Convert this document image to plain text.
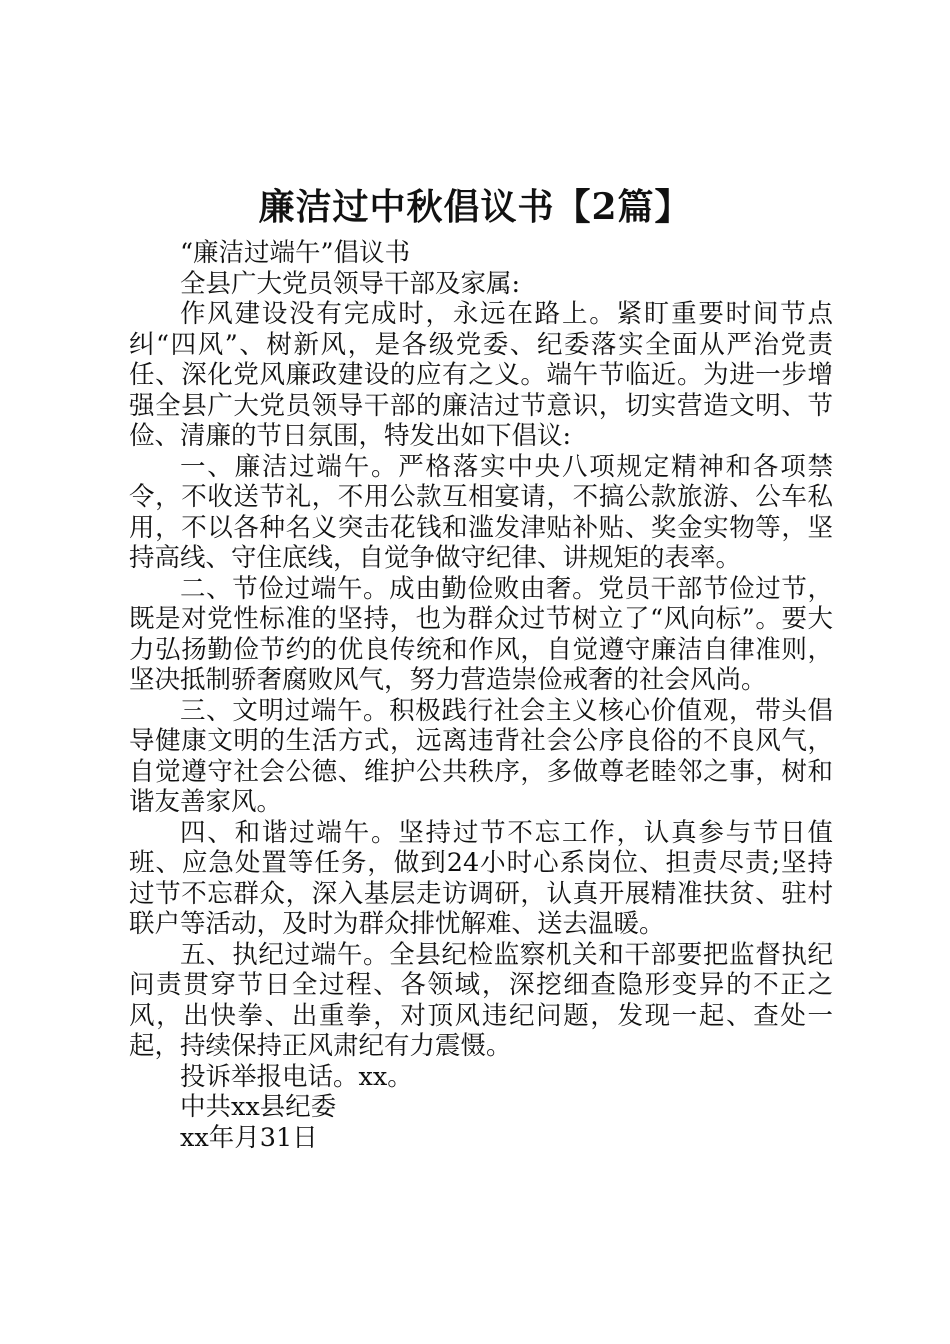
廉洁过中秋倡议书【2篇】

“廉洁过端午”倡议书

全县广大党员领导干部及家属:

作风建设没有完成时，永远在路上。紧盯重要时间节点纠“四风”、树新风，是各级党委、纪委落实全面从严治党责任、深化党风廉政建设的应有之义。端午节临近。为进一步增强全县广大党员领导干部的廉洁过节意识，切实营造文明、节俭、清廉的节日氛围，特发出如下倡议:

一、廉洁过端午。严格落实中央八项规定精神和各项禁令，不收送节礼，不用公款互相宴请，不搞公款旅游、公车私用，不以各种名义突击花钱和滥发津贴补贴、奖金实物等，坚持高线、守住底线，自觉争做守纪律、讲规矩的表率。

二、节俭过端午。成由勤俭败由奢。党员干部节俭过节，既是对党性标准的坚持，也为群众过节树立了“风向标”。要大力弘扬勤俭节约的优良传统和作风，自觉遵守廉洁自律准则，坚决抵制骄奢腐败风气，努力营造崇俭戒奢的社会风尚。

三、文明过端午。积极践行社会主义核心价值观，带头倡导健康文明的生活方式，远离违背社会公序良俗的不良风气，自觉遵守社会公德、维护公共秩序，多做尊老睦邻之事，树和谐友善家风。

四、和谐过端午。坚持过节不忘工作，认真参与节日值班、应急处置等任务，做到24小时心系岗位、担责尽责;坚持过节不忘群众，深入基层走访调研，认真开展精准扶贫、驻村联户等活动，及时为群众排忧解难、送去温暖。

五、执纪过端午。全县纪检监察机关和干部要把监督执纪问责贯穿节日全过程、各领域，深挖细查隐形变异的不正之风，出快拳、出重拳，对顶风违纪问题，发现一起、查处一起，持续保持正风肃纪有力震慑。

投诉举报电话。xx。

中共xx县纪委

xx年月31日
